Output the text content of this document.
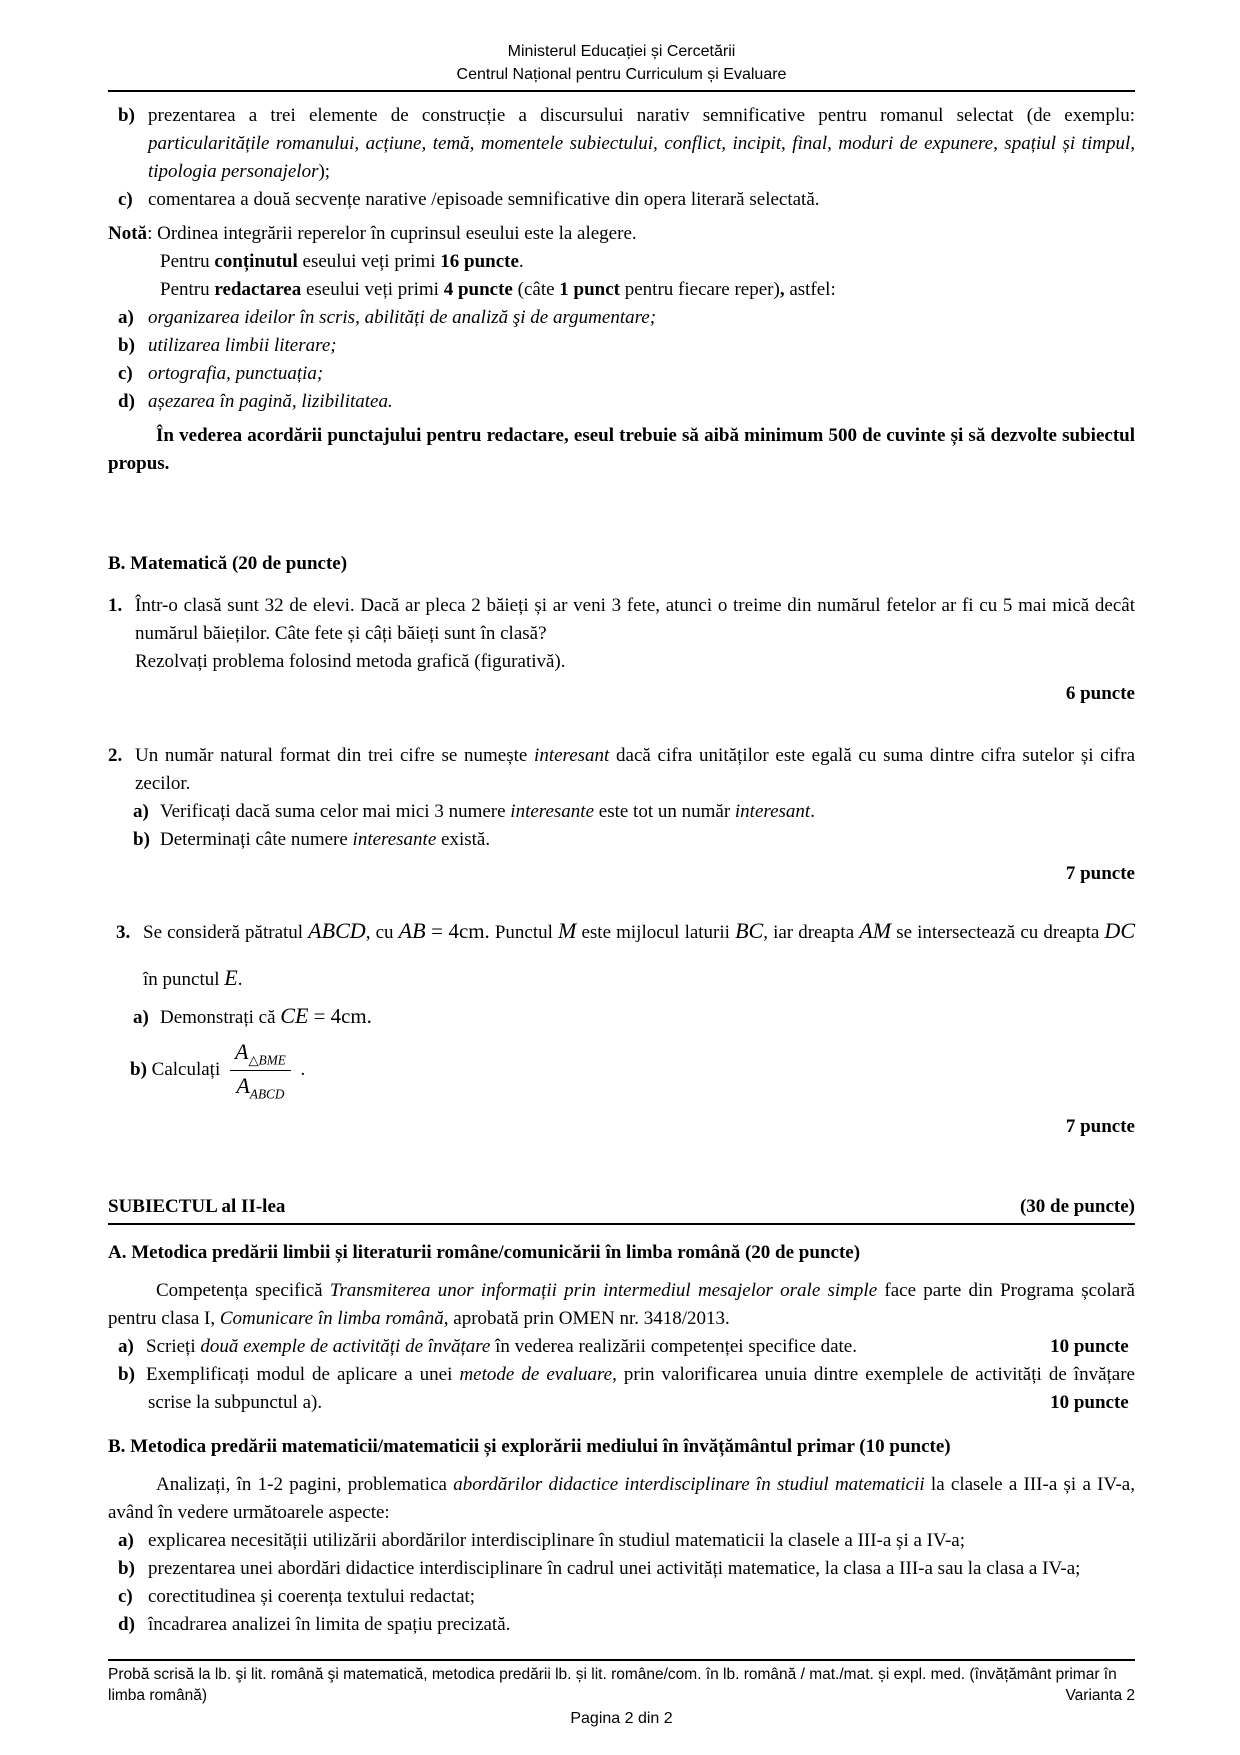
Ministerul Educației și Cercetării
Centrul Național pentru Curriculum și Evaluare
b) prezentarea a trei elemente de construcție a discursului narativ semnificative pentru romanul selectat (de exemplu: particularitățile romanului, acțiune, temă, momentele subiectului, conflict, incipit, final, moduri de expunere, spațiul și timpul, tipologia personajelor);
c) comentarea a două secvențe narative /episoade semnificative din opera literară selectată.
Notă: Ordinea integrării reperelor în cuprinsul eseului este la alegere.
Pentru conținutul eseului veți primi 16 puncte.
Pentru redactarea eseului veți primi 4 puncte (câte 1 punct pentru fiecare reper), astfel:
a) organizarea ideilor în scris, abilități de analiză şi de argumentare;
b) utilizarea limbii literare;
c) ortografia, punctuația;
d) așezarea în pagină, lizibilitatea.
În vederea acordării punctajului pentru redactare, eseul trebuie să aibă minimum 500 de cuvinte și să dezvolte subiectul propus.
B. Matematică (20 de puncte)
1. Într-o clasă sunt 32 de elevi. Dacă ar pleca 2 băieți și ar veni 3 fete, atunci o treime din numărul fetelor ar fi cu 5 mai mică decât numărul băieților. Câte fete și câți băieți sunt în clasă?
Rezolvați problema folosind metoda grafică (figurativă).
6 puncte
2. Un număr natural format din trei cifre se numește interesant dacă cifra unităților este egală cu suma dintre cifra sutelor și cifra zecilor.
a) Verificați dacă suma celor mai mici 3 numere interesante este tot un număr interesant.
b) Determinați câte numere interesante există.
7 puncte
3. Se consideră pătratul ABCD, cu AB = 4cm. Punctul M este mijlocul laturii BC, iar dreapta AM se intersectează cu dreapta DC în punctul E.
a) Demonstrați că CE = 4cm.
b) Calculați $\frac{A_{\triangle BME}}{A_{ABCD}}$ .
7 puncte
SUBIECTUL al II-lea	(30 de puncte)
A. Metodica predării limbii și literaturii române/comunicării în limba română (20 de puncte)
Competența specifică Transmiterea unor informații prin intermediul mesajelor orale simple face parte din Programa școlară pentru clasa I, Comunicare în limba română, aprobată prin OMEN nr. 3418/2013.
a) Scrieți două exemple de activități de învățare în vederea realizării competenței specifice date.	10 puncte
b) Exemplificați modul de aplicare a unei metode de evaluare, prin valorificarea unuia dintre exemplele de activități de învățare scrise la subpunctul a).	10 puncte
B. Metodica predării matematicii/matematicii și explorării mediului în învățământul primar (10 puncte)
Analizați, în 1-2 pagini, problematica abordărilor didactice interdisciplinare în studiul matematicii la clasele a III-a și a IV-a, având în vedere următoarele aspecte:
a) explicarea necesității utilizării abordărilor interdisciplinare în studiul matematicii la clasele a III-a și a IV-a;
b) prezentarea unei abordări didactice interdisciplinare în cadrul unei activități matematice, la clasa a III-a sau la clasa a IV-a;
c) corectitudinea și coerența textului redactat;
d) încadrarea analizei în limita de spațiu precizată.
Probă scrisă la lb. şi lit. română şi matematică, metodica predării lb. și lit. române/com. în lb. română / mat./mat. și expl. med. (învățământ primar în limba română)	Varianta 2
Pagina 2 din 2
